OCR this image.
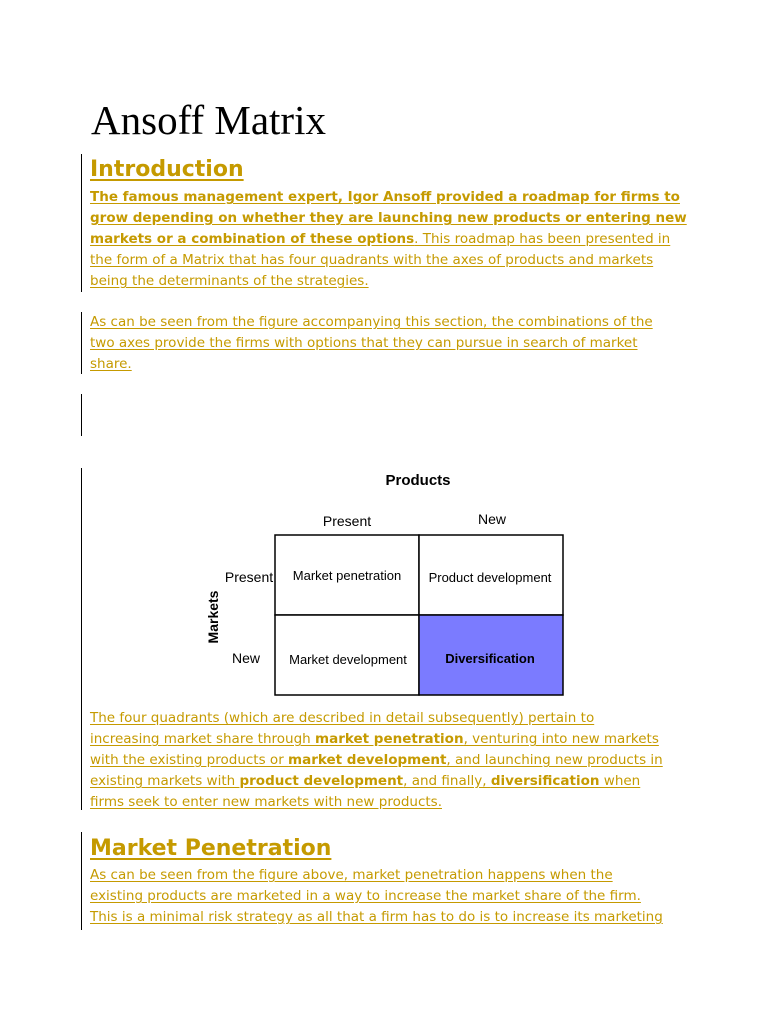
Ansoff Matrix
Introduction

The famous management expert, Igor Ansoff provided a roadmap for firms to
grow depending on whether they are launching new products or entering new
markets or a combination of these options. This roadmap has been presented in
the form of a Matrix that has four quadrants with the axes of products and markets
being the determinants of the strategies.

As can be seen from the figure accompanying this section, the combinations of the
two axes provide the firms with options that they can pursue in search of market
share.

Products
Present	New
Markets
Present
New
Market penetration Product development
Market development	Diversification

The four quadrants (which are described in detail subsequently) pertain to
increasing market share through market penetration, venturing into new markets
with the existing products or market development, and launching new products in
existing markets with product development, and finally, diversification when
firms seek to enter new markets with new products.

Market Penetration

As can be seen from the figure above, market penetration happens when the
existing products are marketed in a way to increase the market share of the firm.
This is a minimal risk strategy as all that a firm has to do is to increase its marketing
